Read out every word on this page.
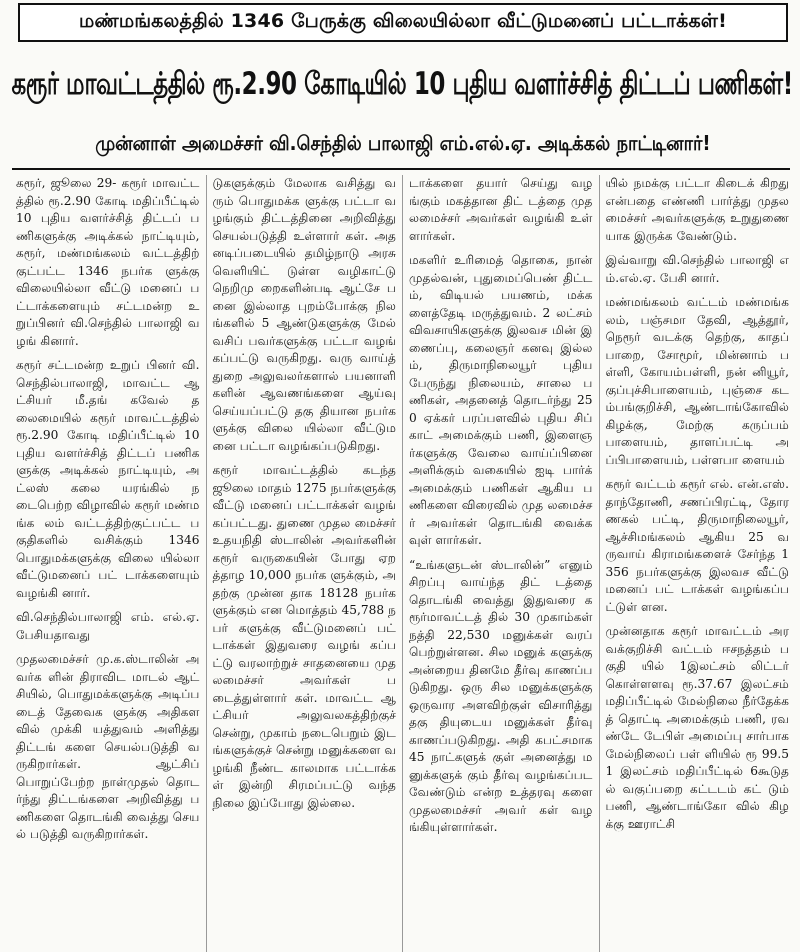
மண்மங்கலத்தில் 1346 பேருக்கு விலையில்லா வீட்டுமனைப் பட்டாக்கள்!
கரூர் மாவட்டத்தில் ரூ.2.90 கோடியில் 10 புதிய வளர்ச்சித் திட்டப் பணிகள்!
முன்னாள் அமைச்சர் வி.செந்தில் பாலாஜி எம்.எல்.ஏ. அடிக்கல் நாட்டினார்!

கரூர், ஜூலை 29- கரூர் மாவட்டத்தில் ரூ.2.90 கோடி மதிப்பீட்டில் 10 புதிய வளர்ச்சித் திட்டப் பணிகளுக்கு அடிக்கல் நாட்டியும், கரூர், மண்மங்கலம் வட்டத்திற் குட்பட்ட 1346 நபர்க ளுக்கு விலையில்லா வீட்டு மனைப் பட்டாக்களையும் சட்டமன்ற உறுப்பினர் வி.செந்தில் பாலாஜி வழங் கினார்.

கரூர் சட்டமன்ற உறுப் பினர் வி. செந்தில்பாலாஜி, மாவட்ட ஆட்சியர் மீ.தங் கவேல் தலைமையில் கரூர் மாவட்டத்தில் ரூ.2.90 கோடி மதிப்பீட்டில் 10 புதிய வளர்ச்சித் திட்டப் பணிகளுக்கு அடிக்கல் நாட்டியும், அட்லஸ் கலை யரங்கில் நடைபெற்ற விழாவில் கரூர் மண்மங்க லம் வட்டத்திற்குட்பட்ட பகுதிகளில் வசிக்கும் 1346 பொதுமக்களுக்கு விலை யில்லா வீட்டுமனைப் பட் டாக்களையும் வழங்கி னார்.

வி.செந்தில்பாலாஜி எம். எல்.ஏ. பேசியதாவது

முதலமைச்சர் மு.க.ஸ்டாலின் அவர்க ளின் திராவிட மாடல் ஆட் சியில், பொதுமக்களுக்கு அடிப்படைத் தேவைக ளுக்கு அதிகளவில் முக்கி யத்துவம் அளித்து திட்டங் களை செயல்படுத்தி வருகிறார்கள். ஆட்சிப் பொறுப்பேற்ற நாள்முதல் தொடர்ந்து திட்டங்களை அறிவித்து பணிகளை தொடங்கி வைத்து செயல் படுத்தி வருகிறார்கள்.

டுகளுக்கும் மேலாக வசித்து வரும் பொதுமக்க ளுக்கு பட்டா வழங்கும் திட்டத்தினை அறிவித்து செயல்படுத்தி உள்ளார் கள். அதனடிப்படையில் தமிழ்நாடு அரசு வெளியிட் டுள்ள வழிகாட்டு நெறிமு றைகளின்படி ஆட்சே பனை இல்லாத புறம்போக்கு நிலங்களில் 5 ஆண்டுகளுக்கு மேல் வசிப் பவர்களுக்கு பட்டா வழங் கப்பட்டு வருகிறது. வரு வாய்த் துறை அலுவலர்களால் பயனாளி களின் ஆவணங்களை ஆய்வு செய்யப்பட்டு தகு தியான நபர்களுக்கு விலை யில்லா வீட்டுமனை பட்டா வழங்கப்படுகிறது.

கரூர் மாவட்டத்தில் கடந்த ஜூலை மாதம் 1275 நபர்களுக்கு வீட்டு மனைப் பட்டாக்கள் வழங் கப்பட்டது. துணை முதல மைச்சர் உதயநிதி ஸ்டாலின் அவர்களின் கரூர் வருகையின் போது ஏறத்தாழ 10,000 நபர்க ளுக்கும், அதற்கு முன்ன தாக 18128 நபர்களுக்கும் என மொத்தம் 45,788 நபர் களுக்கு வீட்டுமனைப் பட் டாக்கள் இதுவரை வழங் கப்பட்டு வரலாற்றுச் சாதனையை முதலமைச்சர் அவர்கள் படைத்துள்ளார் கள். மாவட்ட ஆட்சியர் அலுவலகத்திற்குச் சென்று, முகாம் நடைபெறும் இடங்களுக்குச் சென்று மனுக்களை வழங்கி நீண்ட காலமாக பட்டாக்கள் இன்றி சிரமப்பட்டு வந்த நிலை இப்போது இல்லை.

டாக்களை தயார் செய்து வழங்கும் மகத்தான திட் டத்தை முதலமைச்சர் அவர்கள் வழங்கி உள் ளார்கள்.

மகளிர் உரிமைத் தொகை, நான் முதல்வன், புதுமைப்பெண் திட்டம், விடியல் பயணம், மக்க ளைத்தேடி மருத்துவம். 2 லட்சம் விவசாயிகளுக்கு இலவச மின் இணைப்பு, கலைஞர் கனவு இல்லம், திருமாநிலையூர் புதிய பேருந்து நிலையம், சாலை பணிகள், அதனைத் தொடர்ந்து 250 ஏக்கர் பரப்பளவில் புதிய சிப் காட் அமைக்கும் பணி, இளைஞர்களுக்கு வேலை வாய்ப்பினை அளிக்கும் வகையில் ஐடி பார்க் அமைக்கும் பணிகள் ஆகிய பணிகளை விரைவில் முத லமைச்சர் அவர்கள் தொடங்கி வைக்கவுள் ளார்கள்.

“உங்களுடன் ஸ்டாலின்” எனும் சிறப்பு வாய்ந்த திட் டத்தை தொடங்கி வைத்து இதுவரை கரூர்மாவட்டத் தில் 30 முகாம்கள் நத்தி 22,530 மனுக்கள் வரப் பெற்றுள்ளன. சில மனுக் களுக்கு அன்றைய தினமே தீர்வு காணப்படுகிறது. ஒரு சில மனுக்களுக்கு ஒருவார அளவிற்குள் விசாரித்து தகு தியுடைய மனுக்கள் தீர்வு காணப்படுகிறது. அதி கபட்சமாக 45 நாட்களுக் குள் அனைத்து மனுக்களுக் கும் தீர்வு வழங்கப்பட வேண்டும் என்ற உத்தரவு களை முதலமைச்சர் அவர் கள் வழங்கியுள்ளார்கள்.

யில் நமக்கு பட்டா கிடைக் கிறது என்பதை எண்ணி பார்த்து முதலமைச்சர் அவர்களுக்கு உறுதுணை யாக இருக்க வேண்டும்.

இவ்வாறு வி.செந்தில் பாலாஜி எம்.எல்.ஏ. பேசி னார்.

மண்மங்கலம் வட்டம் மண்மங்கலம், பஞ்சமா தேவி, ஆத்தூர், நெரூர் வடக்கு தெற்கு, காதப் பாறை, சோமூர், மின்னாம் பள்ளி, கோயம்பள்ளி, நன் னியூர், குப்புச்சிபாளையம், புஞ்சை கடம்பங்குறிச்சி, ஆண்டாங்கோவில் கிழக்கு, மேற்கு கருப்பம் பாளையம், தாளப்பட்டி அப்பிபாளையம், பள்ளபா ளையம்

கரூர் வட்டம் கரூர் எல். என்.எஸ். தாந்தோணி, சணப்பிரட்டி, தோரணகல் பட்டி, திருமாநிலையூர், ஆச்சிமங்கலம் ஆகிய 25 வருவாய் கிராமங்களைச் சேர்ந்த 1356 நபர்களுக்கு இலவச வீட்டு மனைப் பட் டாக்கள் வழங்கப்பட்டுள் ளன.

முன்னதாக கரூர் மாவட்டம் அரவக்குறிச்சி வட்டம் ஈசநத்தம் பகுதி யில் 1இலட்சம் லிட்டர் கொள்ளளவு ரூ.37.67 இலட்சம் மதிப்பீட்டில் மேல்நிலை நீர்தேக்கத் தொட்டி அமைக்கும் பணி, ரவண்டே டேபிள் அமைப்பு சார்பாக மேல்நிலைப் பள் ளியில் ரூ 99.51 இலட்சம் மதிப்பீட்டில் 6கூடுதல் வகுப்பறை கட்டடம் கட் டும் பணி, ஆண்டாங்கோ வில் கிழக்கு ஊராட்சி
